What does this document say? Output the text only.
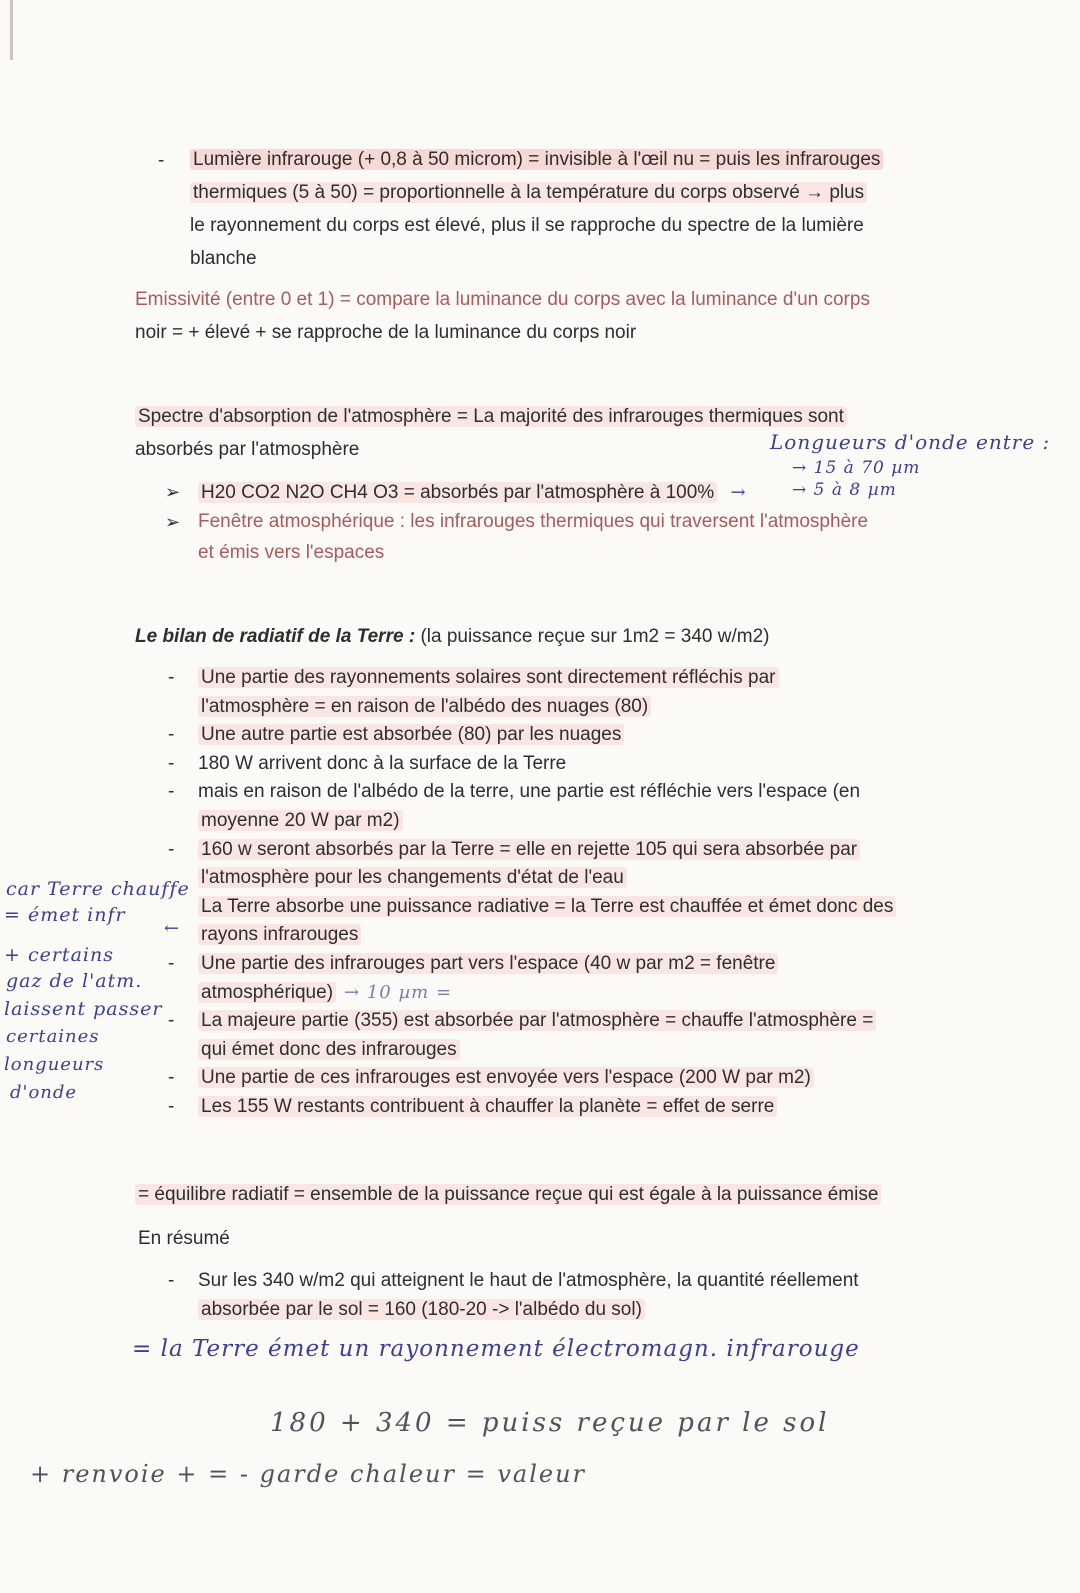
- Lumière infrarouge (+ 0,8 à 50 microm) = invisible à l'œil nu = puis les infrarouges
thermiques (5 à 50) = proportionnelle à la température du corps observé → plus
le rayonnement du corps est élevé, plus il se rapproche du spectre de la lumière
blanche
Emissivité (entre 0 et 1) = compare la luminance du corps avec la luminance d'un corps
noir = + élevé + se rapproche de la luminance du corps noir
Spectre d'absorption de l'atmosphère = La majorité des infrarouges thermiques sont
absorbés par l'atmosphère	Longueurs d'onde entre :
→ 15 à 70 µm
→ 5 à 8 µm
➢ H20 CO2 N2O CH4 O3 = absorbés par l'atmosphère à 100% →
➢ Fenêtre atmosphérique : les infrarouges thermiques qui traversent l'atmosphère
et émis vers l'espaces
Le bilan de radiatif de la Terre : (la puissance reçue sur 1m2 = 340 w/m2)
- Une partie des rayonnements solaires sont directement réfléchis par
l'atmosphère = en raison de l'albédo des nuages (80)
- Une autre partie est absorbée (80) par les nuages
- 180 W arrivent donc à la surface de la Terre
- mais en raison de l'albédo de la terre, une partie est réfléchie vers l'espace (en
moyenne 20 W par m2)
- 160 w seront absorbés par la Terre = elle en rejette 105 qui sera absorbée par
l'atmosphère pour les changements d'état de l'eau
La Terre absorbe une puissance radiative = la Terre est chauffée et émet donc des
rayons infrarouges
- Une partie des infrarouges part vers l'espace (40 w par m2 = fenêtre
atmosphérique) → 10 µm =
- La majeure partie (355) est absorbée par l'atmosphère = chauffe l'atmosphère =
qui émet donc des infrarouges
- Une partie de ces infrarouges est envoyée vers l'espace (200 W par m2)
- Les 155 W restants contribuent à chauffer la planète = effet de serre
car Terre chauffe
= émet infr
←
+ certains
gaz de l'atm.
laissent passer
certaines
longueurs
d'onde
= équilibre radiatif = ensemble de la puissance reçue qui est égale à la puissance émise
En résumé
- Sur les 340 w/m2 qui atteignent le haut de l'atmosphère, la quantité réellement
absorbée par le sol = 160 (180-20 -> l'albédo du sol)
= la Terre émet un rayonnement électromagn. infrarouge
180 + 340 = puiss reçue par le sol
+ renvoie + = - garde chaleur = valeur
